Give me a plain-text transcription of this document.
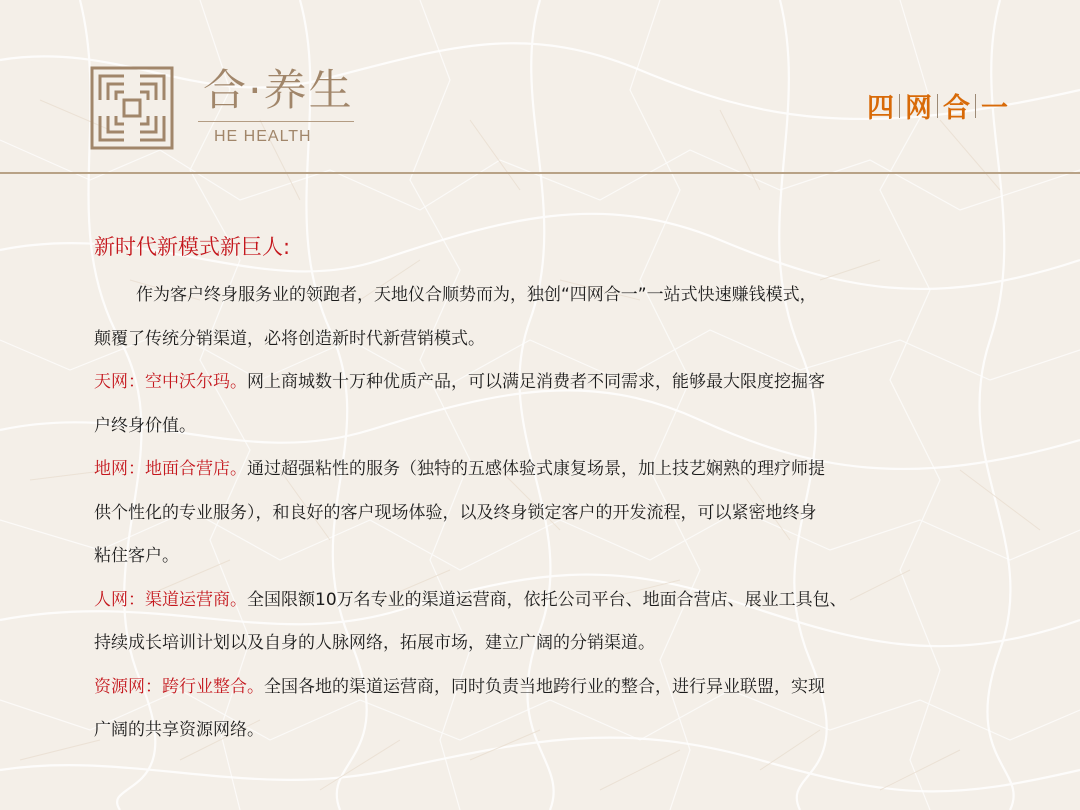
合·养生
HE HEALTH
四 网 合 一
新时代新模式新巨人:
作为客户终身服务业的领跑者，天地仪合顺势而为，独创“四网合一”一站式快速赚钱模式，
颠覆了传统分销渠道，必将创造新时代新营销模式。
天网：空中沃尔玛。网上商城数十万种优质产品，可以满足消费者不同需求，能够最大限度挖掘客
户终身价值。
地网：地面合营店。通过超强粘性的服务（独特的五感体验式康复场景，加上技艺娴熟的理疗师提
供个性化的专业服务），和良好的客户现场体验，以及终身锁定客户的开发流程，可以紧密地终身
粘住客户。
人网：渠道运营商。全国限额10万名专业的渠道运营商，依托公司平台、地面合营店、展业工具包、
持续成长培训计划以及自身的人脉网络，拓展市场，建立广阔的分销渠道。
资源网：跨行业整合。全国各地的渠道运营商，同时负责当地跨行业的整合，进行异业联盟，实现
广阔的共享资源网络。
